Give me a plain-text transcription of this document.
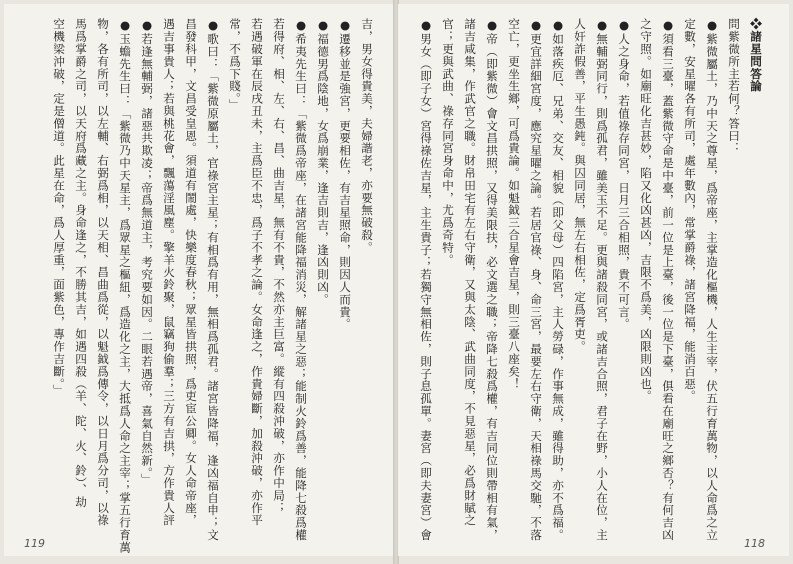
吉，男女得貴美，夫婦諧老，亦要無破殺。
●遷移並是強宮，更要相佐，有吉星照命，則因人而貴。
●福德男爲陰地，女爲崩業，逢吉則吉，逢凶則凶。
●希夷先生曰：「紫微爲帝座，在諸宮能降福消災，解諸星之惡；能制火鈴爲善，能降七殺爲權
若得府、相、左、右、昌、曲吉星，無有不貴，不然亦主巨富。縱有四殺沖破，亦作中局；
若遇破軍在辰戌丑未，主爲臣不忠，爲子不孝之論。女命逢之，作貴婦斷，加殺沖破，亦作平
常，不爲下賤。」
●歌曰：「紫微原屬土，官祿宮主星；有相爲有用，無相爲孤君。諸宮皆降福，逢凶福自申；文
昌發科甲，文昌受皇恩。須道有鬧處，快樂度春秋；眾星皆拱照，爲吏宦公卿。女人命帝座，
遇吉事貴人；若與桃花會，飄蕩淫風塵。擎羊火鈴聚，鼠竊狗偷羣；三方有吉拱，方作貴人評
●若逢無輔弼，諸惡共欺凌；帝爲無道主，考究要如因。二眼若遇帝，喜氣自然新。」
●玉蟾先生曰：「紫微乃中天星主，爲眾星之樞紐，爲造化之主，大抵爲人命之主宰；掌五行育萬
物，各有所司，以左輔、右弼爲相，以天相、昌曲爲從，以魁鉞爲傳令，以日月爲分司，以祿
馬爲掌爵之司，以天府爲藏之主。身命逢之，不勝其吉，如遇四殺（羊、陀、火、鈴）、劫
空機梁沖破，定是僧道。此星在命，爲人厚重，面紫色，專作吉斷。」
119
❖諸星問答論
問紫微所主若何？答曰：
●紫微屬土，乃中天之尊星，爲帝座，主掌造化樞機，人生主宰，伏五行育萬物，以人命爲之立
定數，安星曜各有所司，處年數內，常掌爵祿，諸宮降福，能消百惡。
●須看三臺，蓋紫微守命是中臺，前一位是上臺，後一位是下臺，俱看在廟旺之鄉否？有何吉凶
之守照。如廟旺化吉甚妙，陷又化凶甚凶，吉限不爲美，凶限則凶也。
●人之身命，若值祿存同宮，日月三合相照，貴不可言。
●無輔弼同行，則爲孤君，雖美玉不足。更與諸殺同宮，或諸吉合照，君子在野，小人在位，主
人奸詐假善，平生愚鈍。與囚同居，無左右相佐，定爲胥吏。
●如落疾厄、兄弟、交友、相貌（即父母）四陷宮，主人勞碌，作事無成，雖得助，亦不爲福。
●更宜詳細宮度，應究星曜之論。若居官祿、身、命三宮，最要左右守衛，天相祿馬交馳，不落
空亡，更坐生鄉，可爲貴論。如魁鉞三合星會吉星，則三臺八座矣！
●帝（即紫微）會文昌拱照，又得美限扶，必文選之職；帝降七殺爲權，有吉同位則帶相有氣，
諸吉咸集，作武官之職。財帛田宅有左右守衛，又與太陰、武曲同度，不見惡星，必爲財賦之
官；更與武曲、祿存同宮身命中，尤爲奇特。
●男女（即子女）宮得祿佐吉星，主生貴子；若獨守無相佐，則子息孤單。妻宮（即夫妻宮）會
118
